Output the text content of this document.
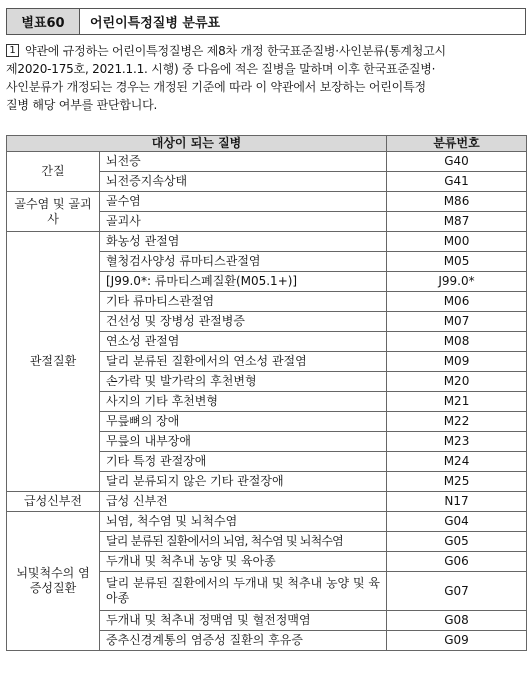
별표60	어린이특정질병 분류표
1 약관에 규정하는 어린이특정질병은 제8차 개정 한국표준질병·사인분류(통계청고시
제2020-175호, 2021.1.1. 시행) 중 다음에 적은 질병을 말하며 이후 한국표준질병·
사인분류가 개정되는 경우는 개정된 기준에 따라 이 약관에서 보장하는 어린이특정
질병 해당 여부를 판단합니다.
대상이 되는 질병		분류번호
간질	뇌전증	G40
	뇌전증지속상태	G41
골수염 및 골괴사	골수염	M86
	골괴사	M87
관절질환	화농성 관절염	M00
	혈청검사양성 류마티스관절염	M05
	[J99.0*: 류마티스폐질환(M05.1+)]	J99.0*
	기타 류마티스관절염	M06
	건선성 및 장병성 관절병증	M07
	연소성 관절염	M08
	달리 분류된 질환에서의 연소성 관절염	M09
	손가락 및 발가락의 후천변형	M20
	사지의 기타 후천변형	M21
	무릎뼈의 장애	M22
	무릎의 내부장애	M23
	기타 특정 관절장애	M24
	달리 분류되지 않은 기타 관절장애	M25
급성신부전	급성 신부전	N17
뇌및척수의 염증성질환	뇌염, 척수염 및 뇌척수염	G04
	달리 분류된 질환에서의 뇌염, 척수염 및 뇌척수염	G05
	두개내 및 척추내 농양 및 육아종	G06

	달리 분류된 질환에서의 두개내 및 척추내 농양 및 육아종	G07
	두개내 및 척추내 정맥염 및 혈전정맥염	G08
	중추신경계통의 염증성 질환의 후유증	G09
